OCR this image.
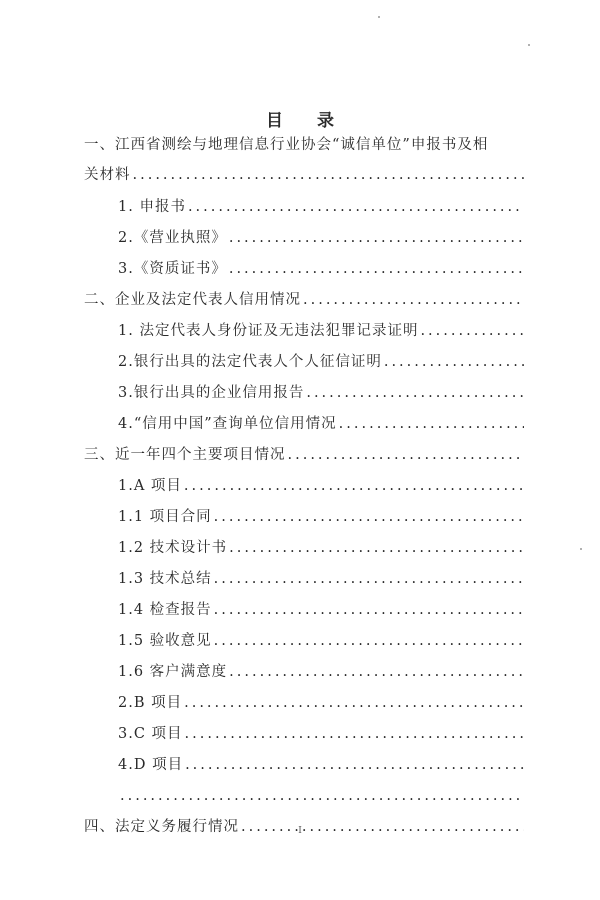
目 录
一、江西省测绘与地理信息行业协会“诚信单位”申报书及相
关材料
.....
1. 申报书
.....
2.《营业执照》
.....
3.《资质证书》
.....
二、企业及法定代表人信用情况
.....
1. 法定代表人身份证及无违法犯罪记录证明
.....
2.银行出具的法定代表人个人征信证明
.....
3.银行出具的企业信用报告
.....
4.“信用中国”查询单位信用情况
.....
三、近一年四个主要项目情况
.....
1.A 项目
.....
1.1 项目合同
.....
1.2 技术设计书
.....
1.3 技术总结
.....
1.4 检查报告
.....
1.5 验收意见
.....
1.6 客户满意度
.....
2.B 项目
.....
3.C 项目
.....
4.D 项目
.....
.....
四、法定义务履行情况
.....	I
